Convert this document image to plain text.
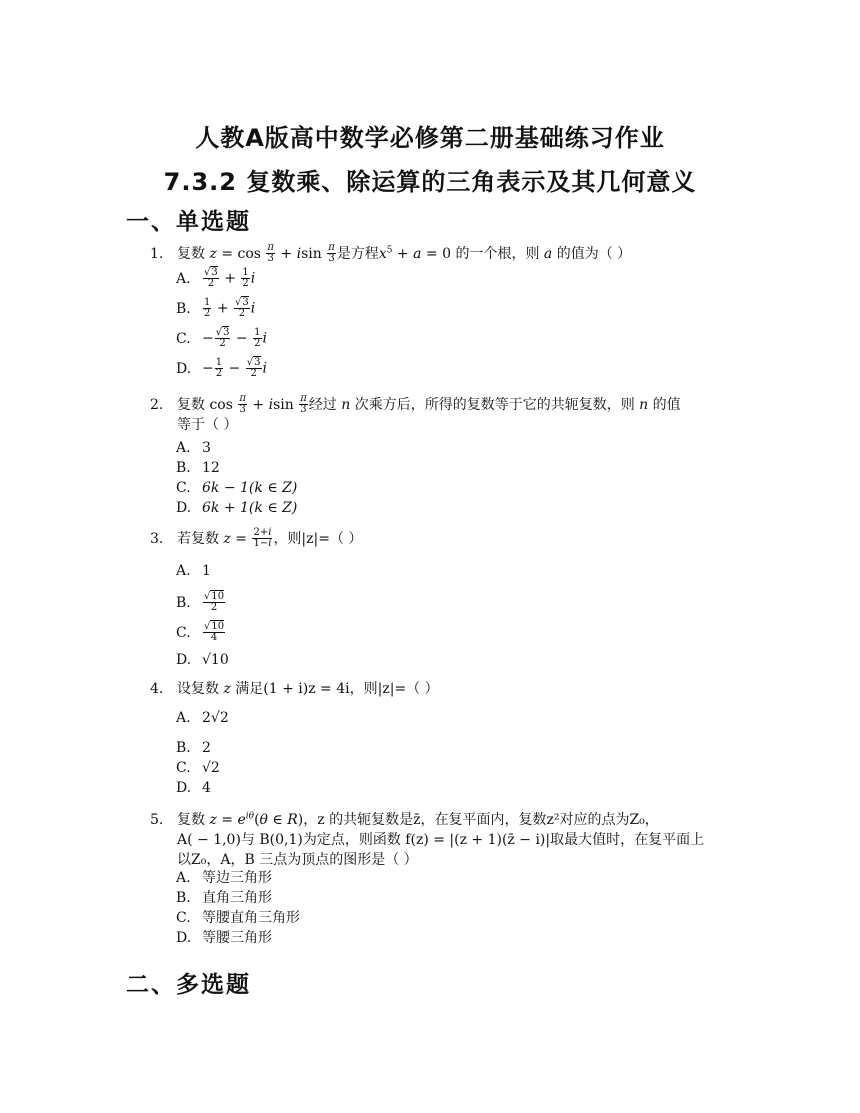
人教A版高中数学必修第二册基础练习作业
7.3.2 复数乘、除运算的三角表示及其几何意义
一、单选题
1. 复数 $z = \cos \frac{\pi}{3} + isin \frac{\pi}{3}$ 是方程$x^5 + a = 0$ 的一个根，则 a 的值为（ ）
A. $\frac{√3}{2} + \frac{1}{2}$ i
B. $\frac{1}{2} + \frac{√3}{2}$ i
C. − $\frac{√3}{2} - \frac{1}{2}$ i
D. − $\frac{1}{2} - \frac{√3}{2}$ i
2. 复数 $\cos \frac{\pi}{3} + isin \frac{\pi}{3}$ 经过 n 次乘方后，所得的复数等于它的共轭复数，则 n 的值
等于（ ）
A. 3
B. 12
C. 6k − 1(k ∈ Z)
D. 6k + 1(k ∈ Z)
3. 若复数 $z = \frac{2+i}{1-i}$ ，则|z|=（ ）
A. 1
B. $\frac{√10}{2}$
C. $\frac{√10}{4}$
D. √10
4. 设复数 z 满足(1 + i)z = 4i，则|z|=（ ）
A. 2√2
B. 2
C. √2
D. 4
5. 复数 $z = e^{i\theta}(\theta$ ∈ R)，z 的共轭复数是z̄，在复平面内，复数z²对应的点为Z₀，
A( − 1,0)与 B(0,1)为定点，则函数 f(z) = |(z + 1)(z̄ − i)|取最大值时，在复平面上
以Z₀，A，B 三点为顶点的图形是（ ）
A. 等边三角形
B. 直角三角形
C. 等腰直角三角形
D. 等腰三角形
二、多选题
